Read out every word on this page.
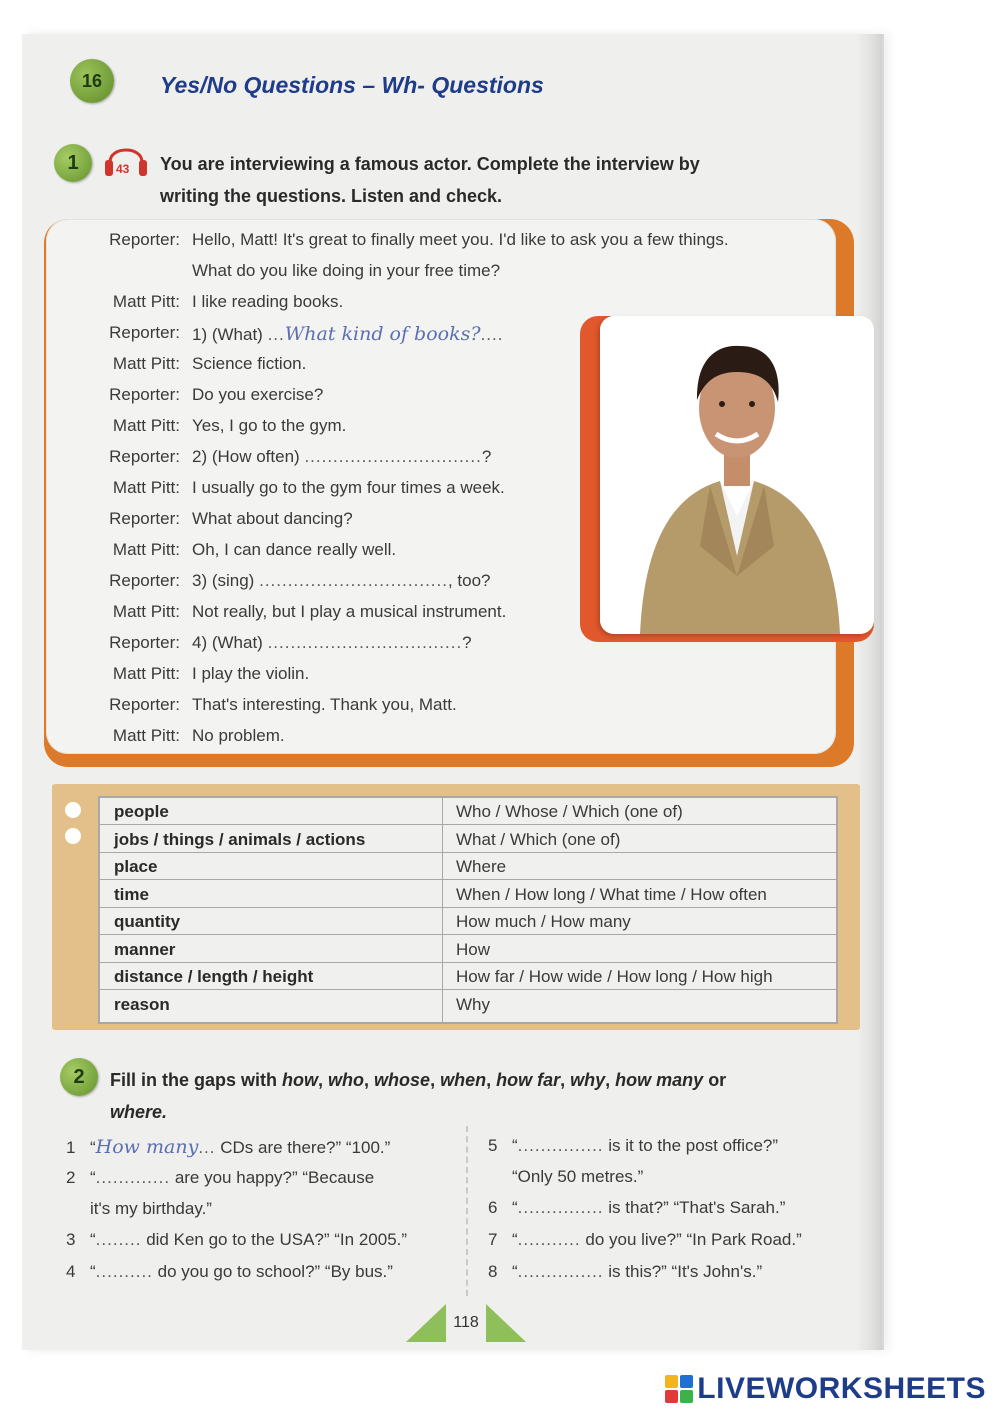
16	Yes/No Questions – Wh- Questions
1	43 You are interviewing a famous actor. Complete the interview by
writing the questions. Listen and check.
Reporter: Hello, Matt! It's great to finally meet you. I'd like to ask you a few things.
What do you like doing in your free time?
Matt Pitt: I like reading books.
Reporter: 1) (What) ...What kind of books?....
Matt Pitt: Science fiction.
Reporter: Do you exercise?
Matt Pitt: Yes, I go to the gym.
Reporter: 2) (How often) ...............................?
Matt Pitt: I usually go to the gym four times a week.
Reporter: What about dancing?
Matt Pitt: Oh, I can dance really well.
Reporter: 3) (sing) ................................., too?
Matt Pitt: Not really, but I play a musical instrument.
Reporter: 4) (What) ..................................?
Matt Pitt: I play the violin.
Reporter: That's interesting. Thank you, Matt.
Matt Pitt: No problem.
people	Who / Whose / Which (one of)
jobs / things / animals / actions	What / Which (one of)
place	Where
time	When / How long / What time / How often
quantity	How much / How many
manner	How
distance / length / height	How far / How wide / How long / How high
reason	Why
2	Fill in the gaps with how, who, whose, when, how far, why, how many or
where.
1 “How many... CDs are there?” “100.”
2 “............. are you happy?” “Because
it's my birthday.”
3 “........ did Ken go to the USA?” “In 2005.”
4 “.......... do you go to school?” “By bus.”
5 “............... is it to the post office?”
“Only 50 metres.”
6 “............... is that?” “That's Sarah.”
7 “........... do you live?” “In Park Road.”
8 “............... is this?” “It's John's.”
118
LIVEWORKSHEETS
